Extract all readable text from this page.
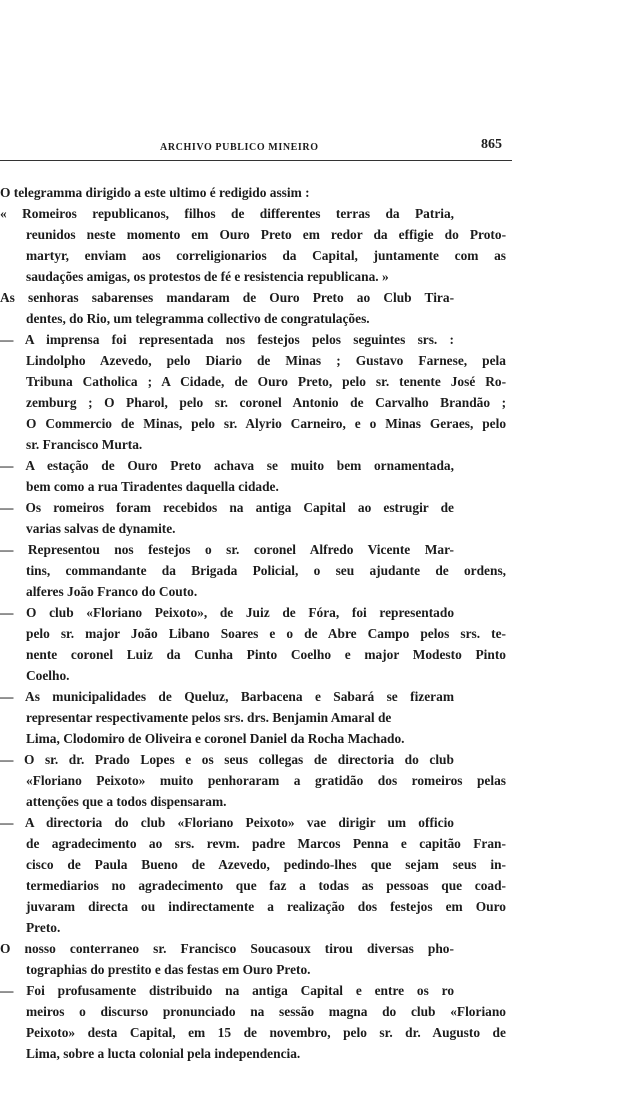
ARCHIVO PUBLICO MINEIRO	865

O telegramma dirigido a este ultimo é redigido assim :

« Romeiros republicanos, filhos de differentes terras da Patria,
reunidos neste momento em Ouro Preto em redor da effigie do Proto-
martyr, enviam aos correligionarios da Capital, juntamente com as
saudações amigas, os protestos de fé e resistencia republicana. »

As senhoras sabarenses mandaram de Ouro Preto ao Club Tira-
dentes, do Rio, um telegramma collectivo de congratulações.

— A imprensa foi representada nos festejos pelos seguintes srs. :
Lindolpho Azevedo, pelo Diario de Minas ; Gustavo Farnese, pela
Tribuna Catholica ; A Cidade, de Ouro Preto, pelo sr. tenente José Ro-
zemburg ; O Pharol, pelo sr. coronel Antonio de Carvalho Brandão ;
O Commercio de Minas, pelo sr. Alyrio Carneiro, e o Minas Geraes, pelo
sr. Francisco Murta.

— A estação de Ouro Preto achava se muito bem ornamentada,
bem como a rua Tiradentes daquella cidade.

— Os romeiros foram recebidos na antiga Capital ao estrugir de
varias salvas de dynamite.

— Representou nos festejos o sr. coronel Alfredo Vicente Mar-
tins, commandante da Brigada Policial, o seu ajudante de ordens,
alferes João Franco do Couto.

— O club «Floriano Peixoto», de Juiz de Fóra, foi representado
pelo sr. major João Libano Soares e o de Abre Campo pelos srs. te-
nente coronel Luiz da Cunha Pinto Coelho e major Modesto Pinto
Coelho.

— As municipalidades de Queluz, Barbacena e Sabará se fizeram
representar respectivamente pelos srs. drs. Benjamin Amaral de
Lima, Clodomiro de Oliveira e coronel Daniel da Rocha Machado.

— O sr. dr. Prado Lopes e os seus collegas de directoria do club
«Floriano Peixoto» muito penhoraram a gratidão dos romeiros pelas
attenções que a todos dispensaram.

— A directoria do club «Floriano Peixoto» vae dirigir um officio
de agradecimento ao srs. revm. padre Marcos Penna e capitão Fran-
cisco de Paula Bueno de Azevedo, pedindo-lhes que sejam seus in-
termediarios no agradecimento que faz a todas as pessoas que coad-
juvaram directa ou indirectamente a realização dos festejos em Ouro
Preto.

O nosso conterraneo sr. Francisco Soucasoux tirou diversas pho-
tographias do prestito e das festas em Ouro Preto.

— Foi profusamente distribuido na antiga Capital e entre os ro
meiros o discurso pronunciado na sessão magna do club «Floriano
Peixoto» desta Capital, em 15 de novembro, pelo sr. dr. Augusto de
Lima, sobre a lucta colonial pela independencia.
